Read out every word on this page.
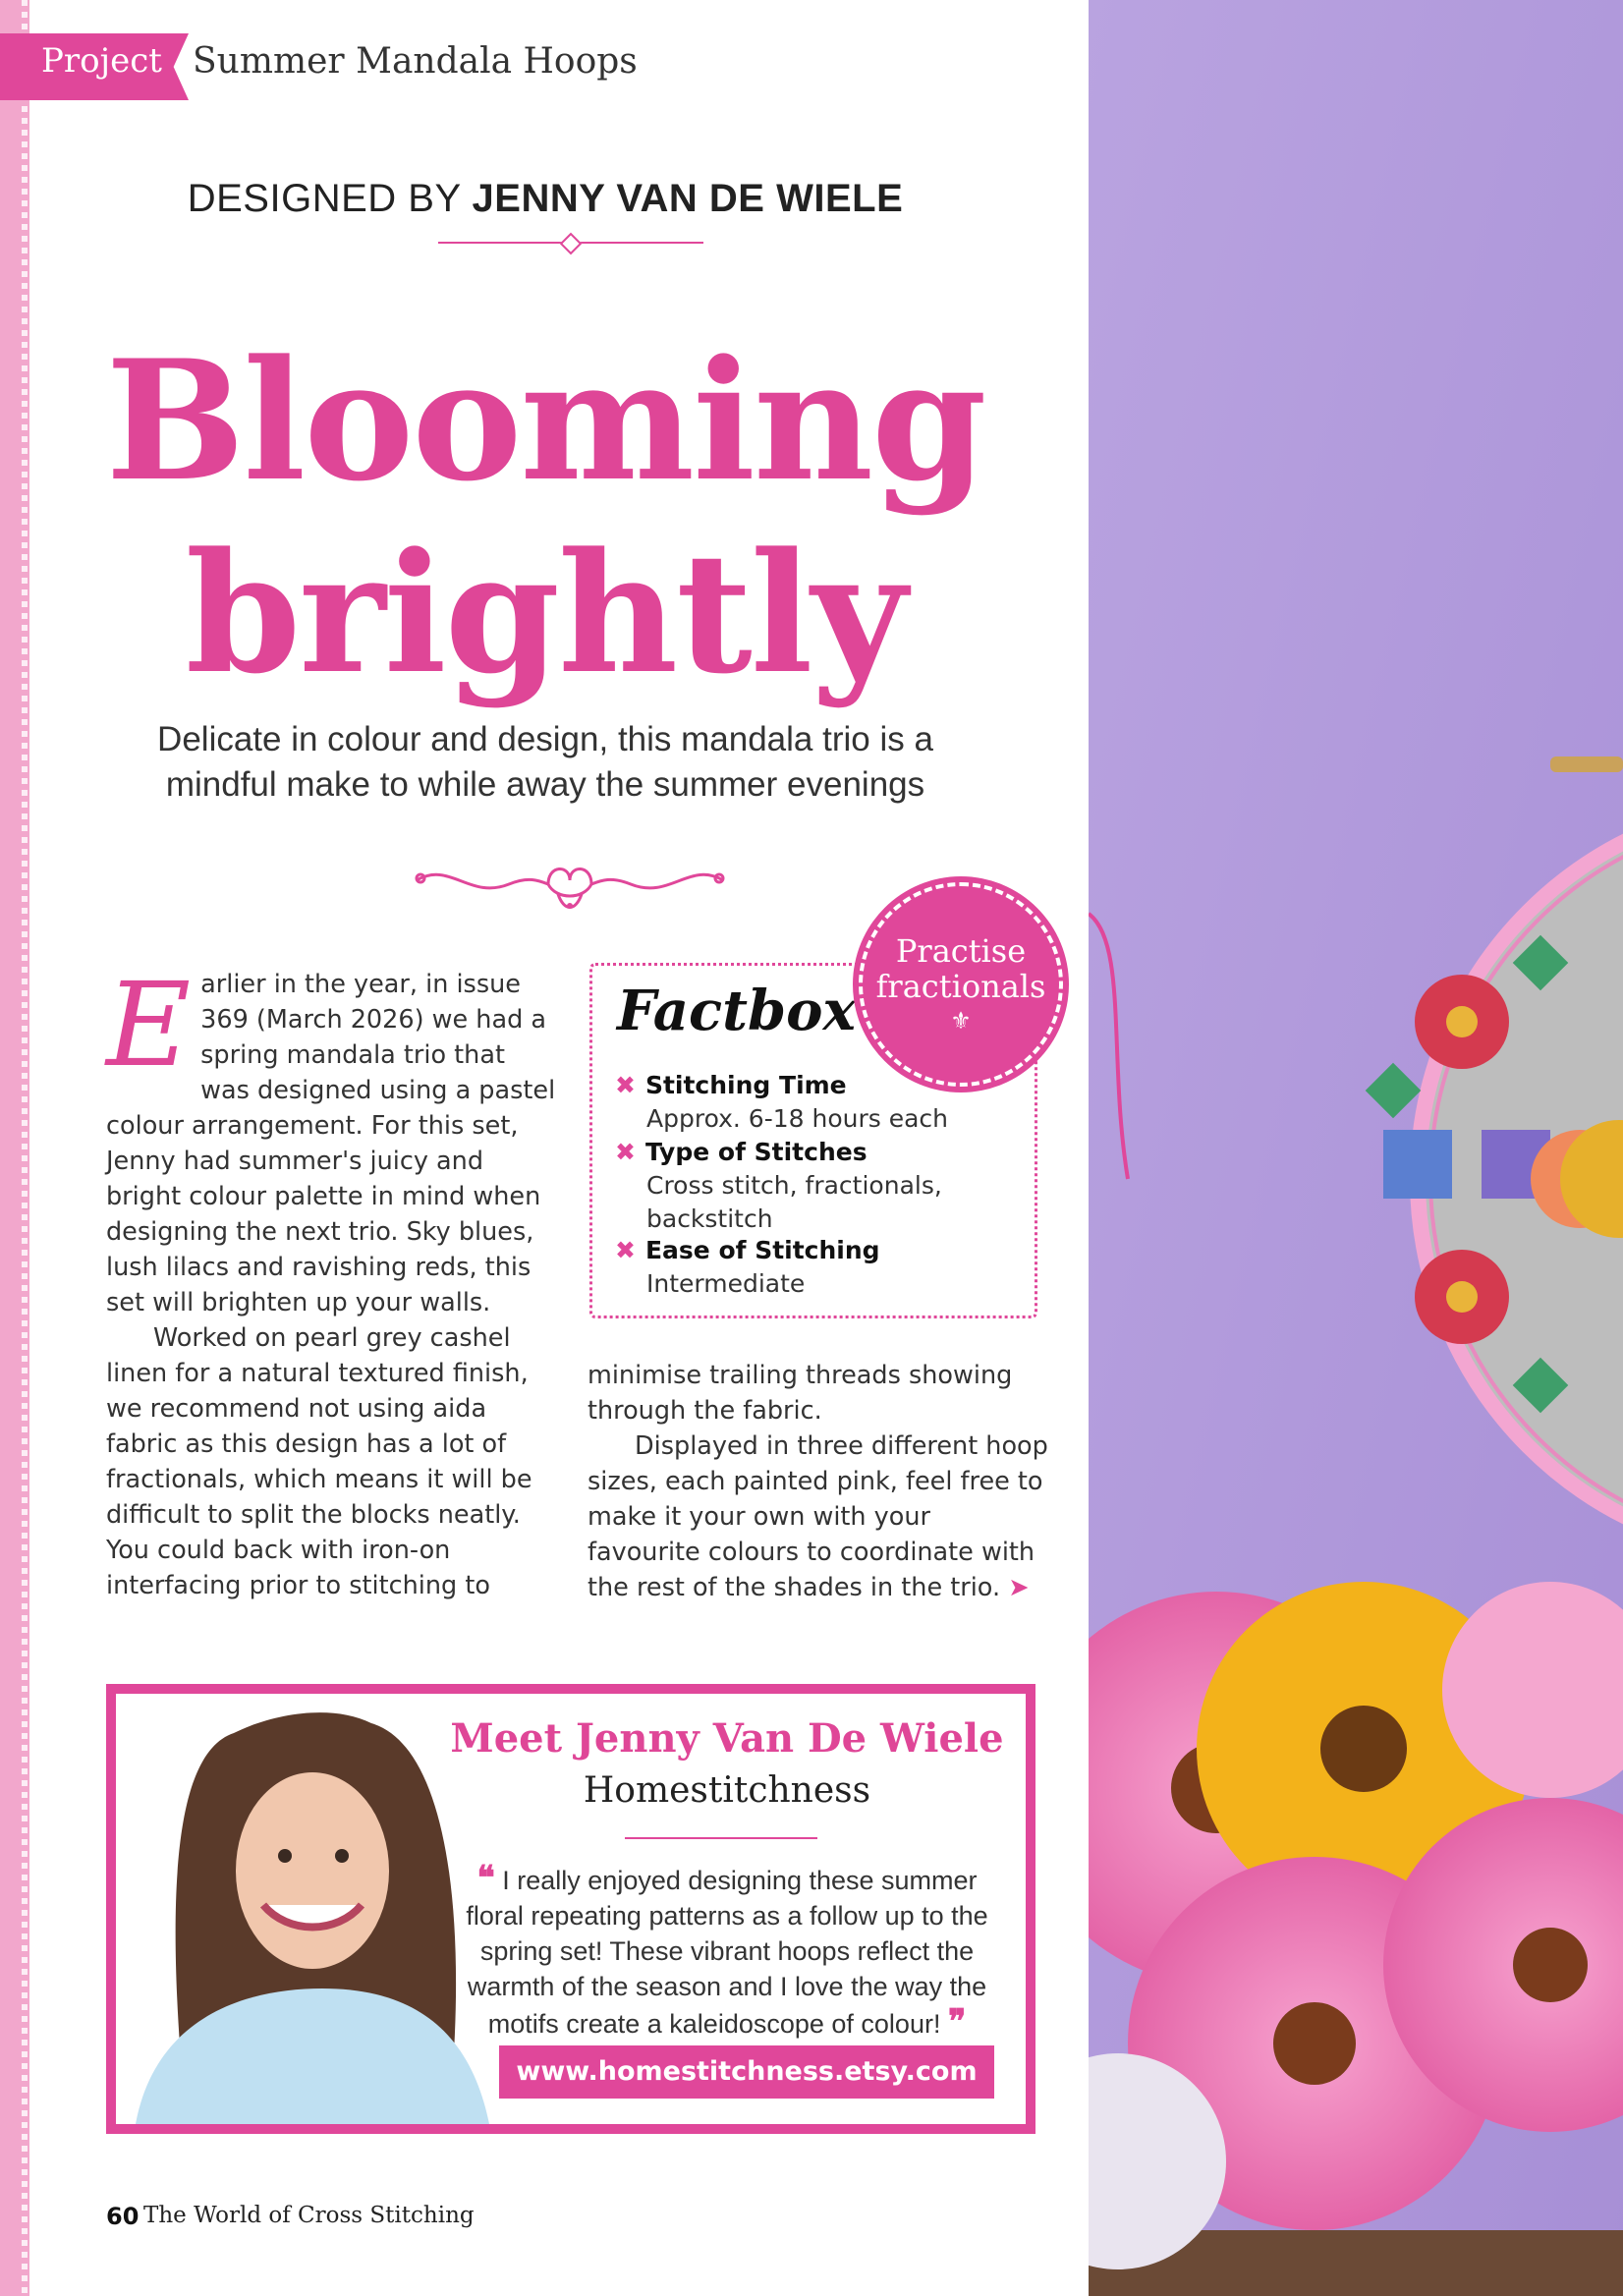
Project Summer Mandala Hoops
DESIGNED BY JENNY VAN DE WIELE
Blooming
brightly
Delicate in colour and design, this mandala trio is a
mindful make to while away the summer evenings

E arlier in the year, in issue 369 (March 2026) we had a spring mandala trio that was designed using a pastel colour arrangement. For this set, Jenny had summer's juicy and bright colour palette in mind when designing the next trio. Sky blues, lush lilacs and ravishing reds, this set will brighten up your walls.

Worked on pearl grey cashel linen for a natural textured finish, we recommend not using aida fabric as this design has a lot of fractionals, which means it will be difficult to split the blocks neatly. You could back with iron-on interfacing prior to stitching to

minimise trailing threads showing through the fabric.

Displayed in three different hoop sizes, each painted pink, feel free to make it your own with your favourite colours to coordinate with the rest of the shades in the trio. ➤

Factbox
✖ Stitching Time
Approx. 6-18 hours each
✖ Type of Stitches
Cross stitch, fractionals,
backstitch
✖ Ease of Stitching
Intermediate
Practise
fractionals
⚜
Meet Jenny Van De Wiele
Homestitchness
❝ I really enjoyed designing these summer floral repeating patterns as a follow up to the spring set! These vibrant hoops reflect the warmth of the season and I love the way the motifs create a kaleidoscope of colour! ❞
www.homestitchness.etsy.com
60 The World of Cross Stitching
